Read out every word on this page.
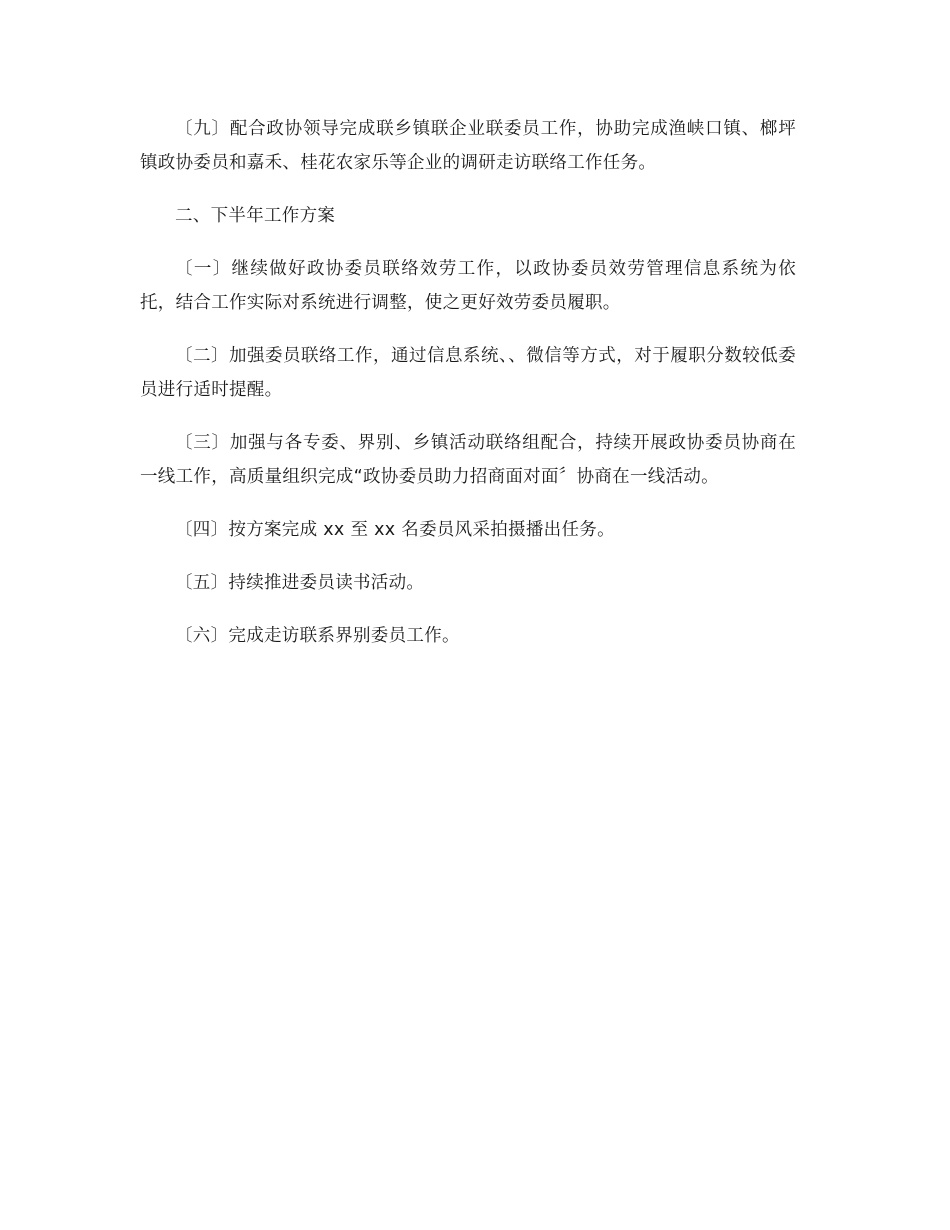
〔九〕配合政协领导完成联乡镇联企业联委员工作，协助完成渔峡口镇、榔坪镇政协委员和嘉禾、桂花农家乐等企业的调研走访联络工作任务。

二、下半年工作方案

〔一〕继续做好政协委员联络效劳工作，以政协委员效劳管理信息系统为依托，结合工作实际对系统进行调整，使之更好效劳委员履职。

〔二〕加强委员联络工作，通过信息系统、、微信等方式，对于履职分数较低委员进行适时提醒。

〔三〕加强与各专委、界别、乡镇活动联络组配合，持续开展政协委员协商在一线工作，高质量组织完成“政协委员助力招商面对面〞协商在一线活动。

〔四〕按方案完成 xx 至 xx 名委员风采拍摄播出任务。

〔五〕持续推进委员读书活动。

〔六〕完成走访联系界别委员工作。
